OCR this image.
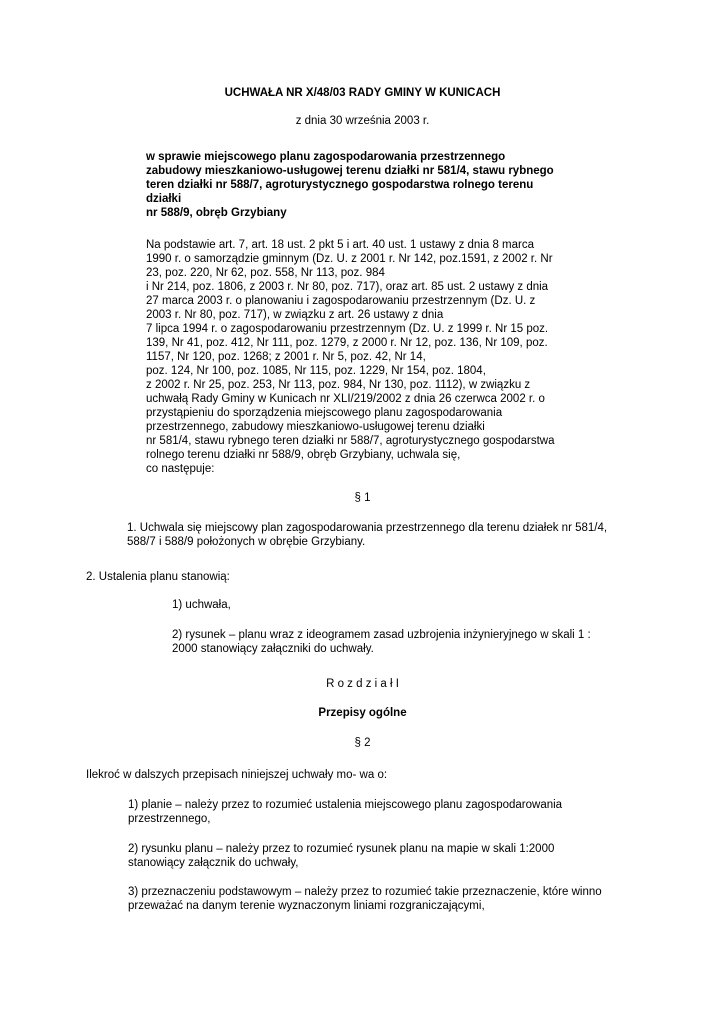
UCHWAŁA NR X/48/03 RADY GMINY W KUNICACH
z dnia 30 września 2003 r.
w sprawie miejscowego planu zagospodarowania przestrzennego
zabudowy mieszkaniowo-usługowej terenu działki nr 581/4, stawu rybnego
teren działki nr 588/7, agroturystycznego gospodarstwa rolnego terenu
działki
nr 588/9, obręb Grzybiany
Na podstawie art. 7, art. 18 ust. 2 pkt 5 i art. 40 ust. 1 ustawy z dnia 8 marca
1990 r. o samorządzie gminnym (Dz. U. z 2001 r. Nr 142, poz.1591, z 2002 r. Nr
23, poz. 220, Nr 62, poz. 558, Nr 113, poz. 984
i Nr 214, poz. 1806, z 2003 r. Nr 80, poz. 717), oraz art. 85 ust. 2 ustawy z dnia
27 marca 2003 r. o planowaniu i zagospodarowaniu przestrzennym (Dz. U. z
2003 r. Nr 80, poz. 717), w związku z art. 26 ustawy z dnia
7 lipca 1994 r. o zagospodarowaniu przestrzennym (Dz. U. z 1999 r. Nr 15 poz.
139, Nr 41, poz. 412, Nr 111, poz. 1279, z 2000 r. Nr 12, poz. 136, Nr 109, poz.
1157, Nr 120, poz. 1268; z 2001 r. Nr 5, poz. 42, Nr 14,
poz. 124, Nr 100, poz. 1085, Nr 115, poz. 1229, Nr 154, poz. 1804,
z 2002 r. Nr 25, poz. 253, Nr 113, poz. 984, Nr 130, poz. 1112), w związku z
uchwałą Rady Gminy w Kunicach nr XLI/219/2002 z dnia 26 czerwca 2002 r. o
przystąpieniu do sporządzenia miejscowego planu zagospodarowania
przestrzennego, zabudowy mieszkaniowo-usługowej terenu działki
nr 581/4, stawu rybnego teren działki nr 588/7, agroturystycznego gospodarstwa
rolnego terenu działki nr 588/9, obręb Grzybiany, uchwala się,
co następuje:
§ 1
1. Uchwala się miejscowy plan zagospodarowania przestrzennego dla terenu działek nr 581/4,
588/7 i 588/9 położonych w obrębie Grzybiany.
2. Ustalenia planu stanowią:
1) uchwała,
2) rysunek – planu wraz z ideogramem zasad uzbrojenia inżynieryjnego w skali 1 :
2000 stanowiący załączniki do uchwały.
R o z d z i a ł I
Przepisy ogólne
§ 2
Ilekroć w dalszych przepisach niniejszej uchwały mo- wa o:
1) planie – należy przez to rozumieć ustalenia miejscowego planu zagospodarowania
przestrzennego,
2) rysunku planu – należy przez to rozumieć rysunek planu na mapie w skali 1:2000
stanowiący załącznik do uchwały,
3) przeznaczeniu podstawowym – należy przez to rozumieć takie przeznaczenie, które winno
przeważać na danym terenie wyznaczonym liniami rozgraniczającymi,
